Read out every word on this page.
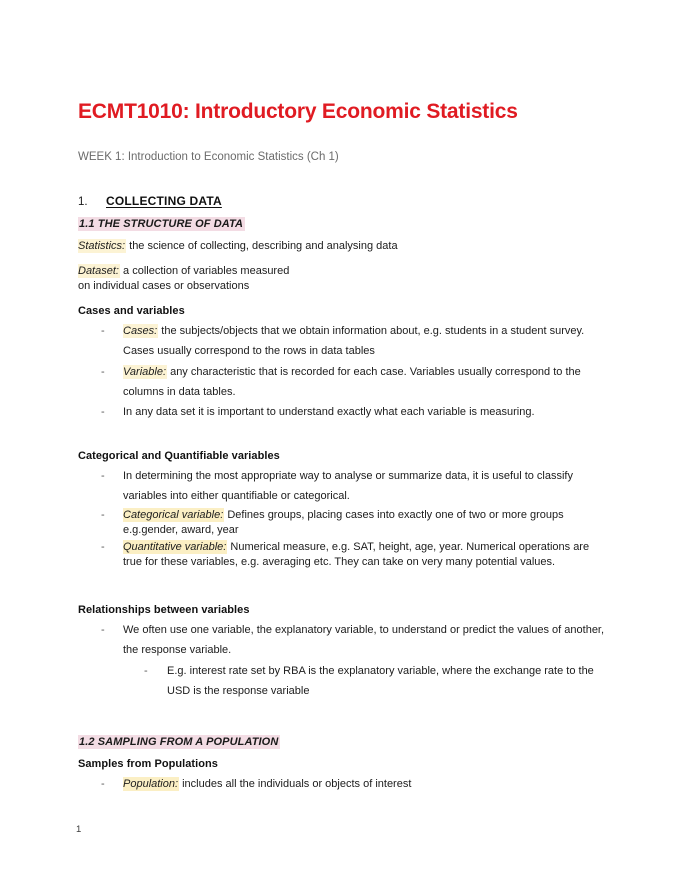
ECMT1010: Introductory Economic Statistics
WEEK 1: Introduction to Economic Statistics (Ch 1)
1.	COLLECTING DATA
1.1 THE STRUCTURE OF DATA
Statistics: the science of collecting, describing and analysing data
Dataset: a collection of variables measured
on individual cases or observations
Cases and variables
- Cases: the subjects/objects that we obtain information about, e.g. students in a student survey. Cases usually correspond to the rows in data tables
- Variable: any characteristic that is recorded for each case. Variables usually correspond to the columns in data tables.
- In any data set it is important to understand exactly what each variable is measuring.
Categorical and Quantifiable variables
- In determining the most appropriate way to analyse or summarize data, it is useful to classify variables into either quantifiable or categorical.
- Categorical variable: Defines groups, placing cases into exactly one of two or more groups e.g.gender, award, year
- Quantitative variable: Numerical measure, e.g. SAT, height, age, year. Numerical operations are true for these variables, e.g. averaging etc. They can take on very many potential values.
Relationships between variables
- We often use one variable, the explanatory variable, to understand or predict the values of another, the response variable.
- E.g. interest rate set by RBA is the explanatory variable, where the exchange rate to the USD is the response variable
1.2 SAMPLING FROM A POPULATION
Samples from Populations
- Population: includes all the individuals or objects of interest
1
